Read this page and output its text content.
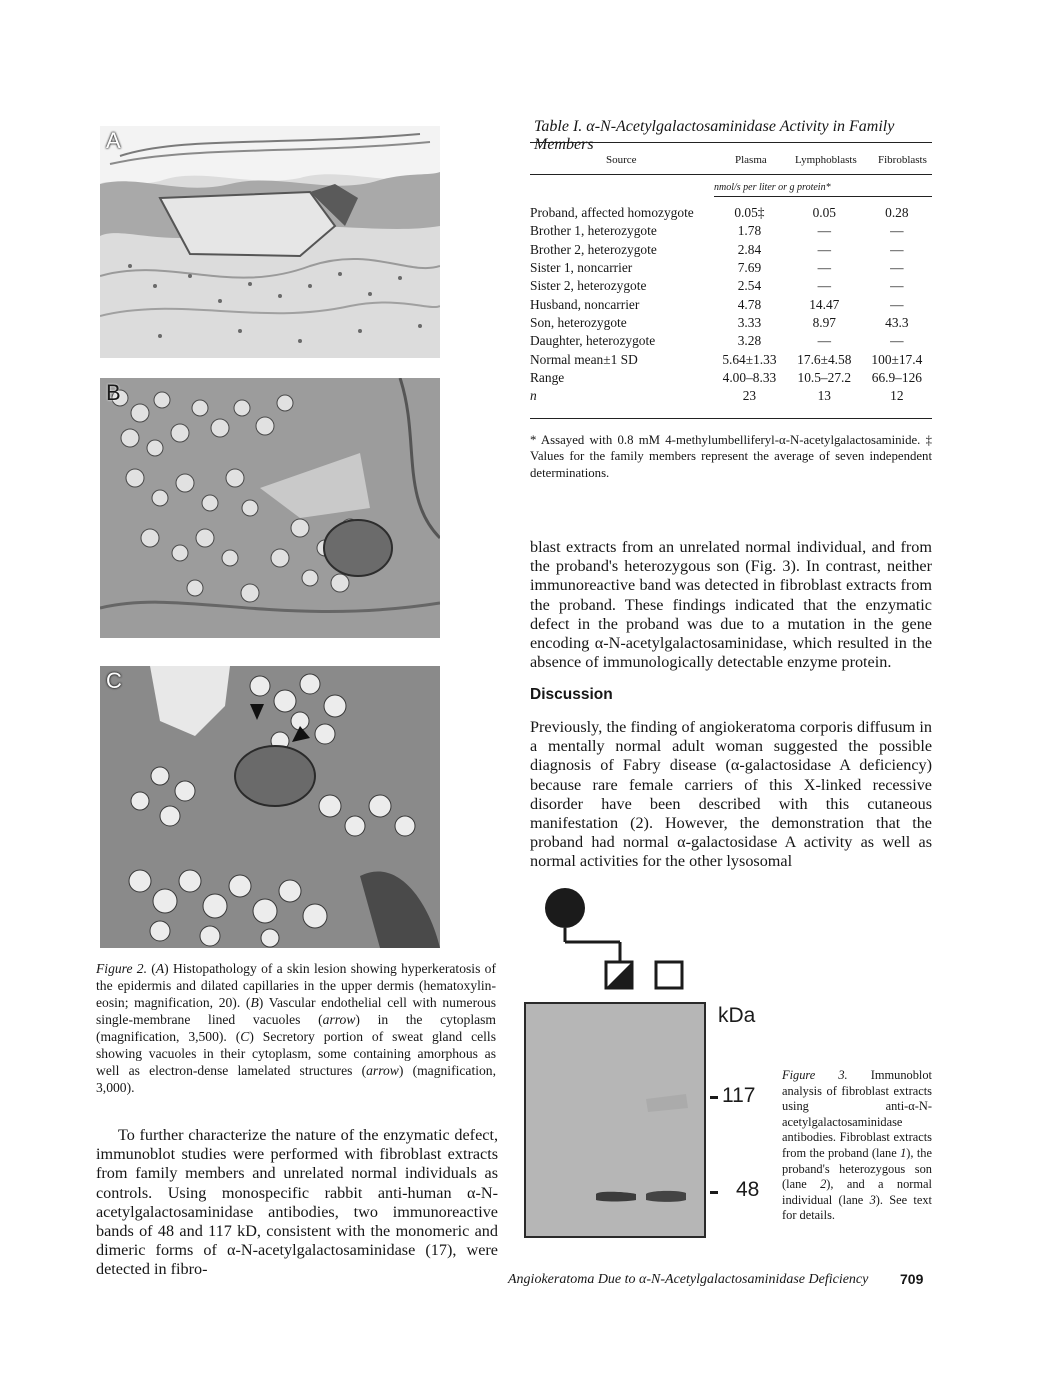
A
B
C
Figure 2. (A) Histopathology of a skin lesion showing hyperkeratosis of the epidermis and dilated capillaries in the upper dermis (hematoxylin-eosin; magnification, 20). (B) Vascular endothelial cell with numerous single-membrane lined vacuoles (arrow) in the cytoplasm (magnification, 3,500). (C) Secretory portion of sweat gland cells showing vacuoles in their cytoplasm, some containing amorphous as well as electron-dense lamelated structures (arrow) (magnification, 3,000).
To further characterize the nature of the enzymatic defect, immunoblot studies were performed with fibroblast extracts from family members and unrelated normal individuals as controls. Using monospecific rabbit anti-human α-N-acetylgalactosaminidase antibodies, two immunoreactive bands of 48 and 117 kD, consistent with the monomeric and dimeric forms of α-N-acetylgalactosaminidase (17), were detected in fibro-
Table I. α-N-Acetylgalactosaminidase Activity in Family Members
Source	Plasma	Lymphoblasts Fibroblasts
nmol/s per liter or g protein*
Proband, affected homozygote	0.05‡	0.05	0.28
Brother 1, heterozygote	1.78	—	—
Brother 2, heterozygote	2.84	—	—
Sister 1, noncarrier	7.69	—	—
Sister 2, heterozygote	2.54	—	—
Husband, noncarrier	4.78	14.47	—
Son, heterozygote	3.33	8.97	43.3
Daughter, heterozygote	3.28	—	—
Normal mean±1 SD	5.64±1.33	17.6±4.58	100±17.4
Range	4.00–8.33	10.5–27.2	66.9–126
n	23	13	12
* Assayed with 0.8 mM 4-methylumbelliferyl-α-N-acetylgalactosaminide. ‡ Values for the family members represent the average of seven independent determinations.
blast extracts from an unrelated normal individual, and from the proband's heterozygous son (Fig. 3). In contrast, neither immunoreactive band was detected in fibroblast extracts from the proband. These findings indicated that the enzymatic defect in the proband was due to a mutation in the gene encoding α-N-acetylgalactosaminidase, which resulted in the absence of immunologically detectable enzyme protein.
Discussion
Previously, the finding of angiokeratoma corporis diffusum in a mentally normal adult woman suggested the possible diagnosis of Fabry disease (α-galactosidase A deficiency) because rare female carriers of this X-linked recessive disorder have been described with this cutaneous manifestation (2). However, the demonstration that the proband had normal α-galactosidase A activity as well as normal activities for the other lysosomal
kDa
117
48
Figure 3. Immunoblot analysis of fibroblast extracts using anti-α-N-acetylgalactosaminidase antibodies. Fibroblast extracts from the proband (lane 1), the proband's heterozygous son (lane 2), and a normal individual (lane 3). See text for details.
Angiokeratoma Due to α-N-Acetylgalactosaminidase Deficiency 709
